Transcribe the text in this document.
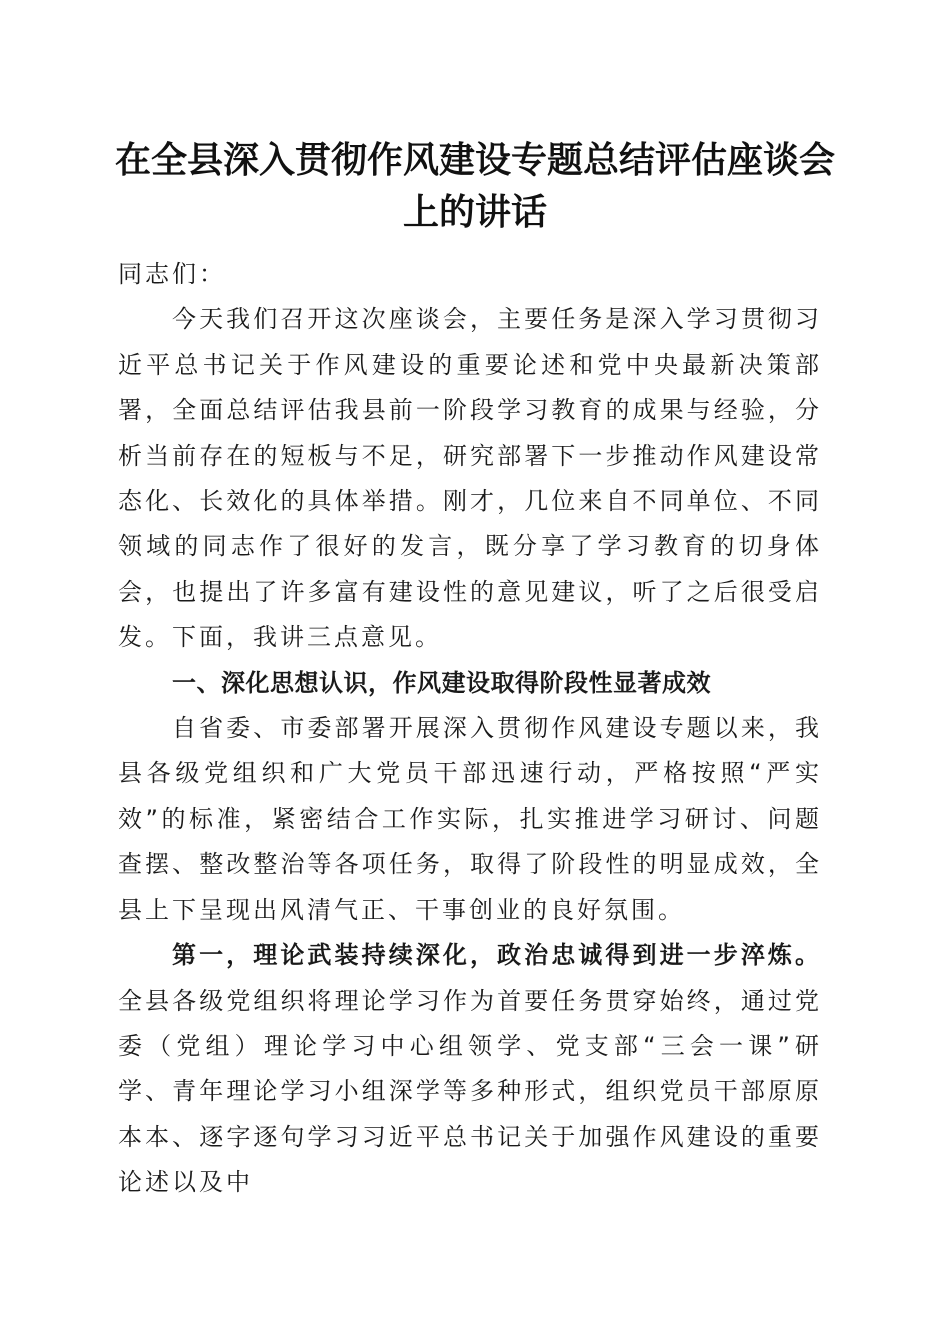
在全县深入贯彻作风建设专题总结评估座谈会
上的讲话

同志们：

今天我们召开这次座谈会，主要任务是深入学习贯彻习近平总书记关于作风建设的重要论述和党中央最新决策部署，全面总结评估我县前一阶段学习教育的成果与经验，分析当前存在的短板与不足，研究部署下一步推动作风建设常态化、长效化的具体举措。刚才，几位来自不同单位、不同领域的同志作了很好的发言，既分享了学习教育的切身体会，也提出了许多富有建设性的意见建议，听了之后很受启发。下面，我讲三点意见。

一、深化思想认识，作风建设取得阶段性显著成效

自省委、市委部署开展深入贯彻作风建设专题以来，我县各级党组织和广大党员干部迅速行动，严格按照“严实效”的标准，紧密结合工作实际，扎实推进学习研讨、问题查摆、整改整治等各项任务，取得了阶段性的明显成效，全县上下呈现出风清气正、干事创业的良好氛围。

第一，理论武装持续深化，政治忠诚得到进一步淬炼。全县各级党组织将理论学习作为首要任务贯穿始终，通过党委（党组）理论学习中心组领学、党支部“三会一课”研学、青年理论学习小组深学等多种形式，组织党员干部原原本本、逐字逐句学习习近平总书记关于加强作风建设的重要论述以及中
